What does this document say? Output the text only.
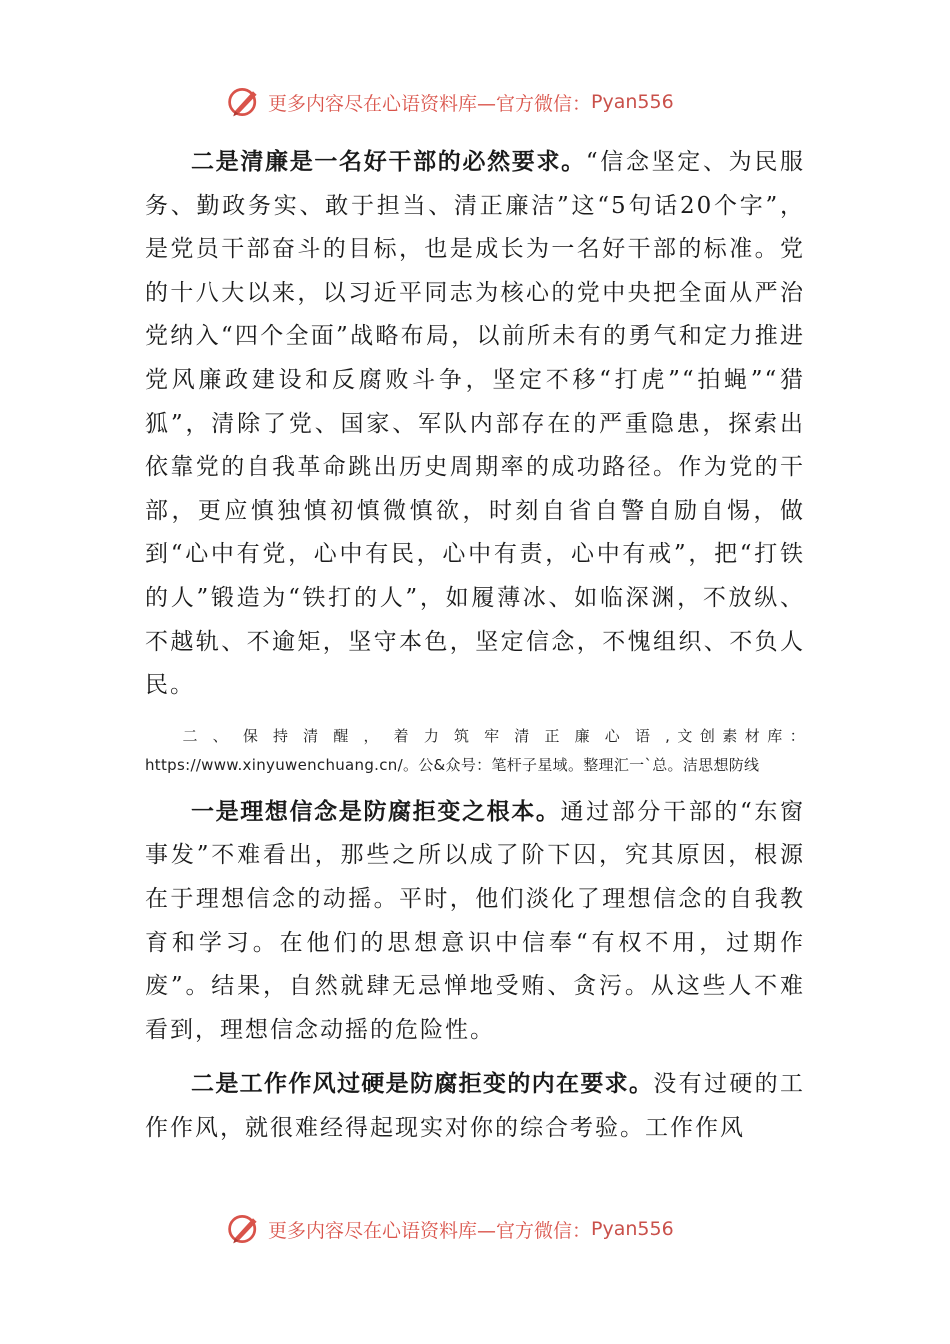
更多内容尽在心语资料库—官方微信： Pyan556

二是清廉是一名好干部的必然要求。“信念坚定、为民服务、勤政务实、敢于担当、清正廉洁”这“5句话20个字”，是党员干部奋斗的目标，也是成长为一名好干部的标准。党的十八大以来，以习近平同志为核心的党中央把全面从严治党纳入“四个全面”战略布局，以前所未有的勇气和定力推进党风廉政建设和反腐败斗争，坚定不移“打虎”“拍蝇”“猎狐”，清除了党、国家、军队内部存在的严重隐患，探索出依靠党的自我革命跳出历史周期率的成功路径。作为党的干部，更应慎独慎初慎微慎欲，时刻自省自警自励自惕，做到“心中有党，心中有民，心中有责，心中有戒”，把“打铁的人”锻造为“铁打的人”，如履薄冰、如临深渊，不放纵、不越轨、不逾矩，坚守本色，坚定信念，不愧组织、不负人民。

二、保持清醒，着力筑牢清正廉心语,文创素材库：https://www.xinyuwenchuang.cn/。公&众号：笔杆子星域。整理汇一`总。洁思想防线

一是理想信念是防腐拒变之根本。通过部分干部的“东窗事发”不难看出，那些之所以成了阶下囚，究其原因，根源在于理想信念的动摇。平时，他们淡化了理想信念的自我教育和学习。在他们的思想意识中信奉“有权不用，过期作废”。结果，自然就肆无忌惮地受贿、贪污。从这些人不难看到，理想信念动摇的危险性。

二是工作作风过硬是防腐拒变的内在要求。没有过硬的工作作风，就很难经得起现实对你的综合考验。工作作风

更多内容尽在心语资料库—官方微信： Pyan556
